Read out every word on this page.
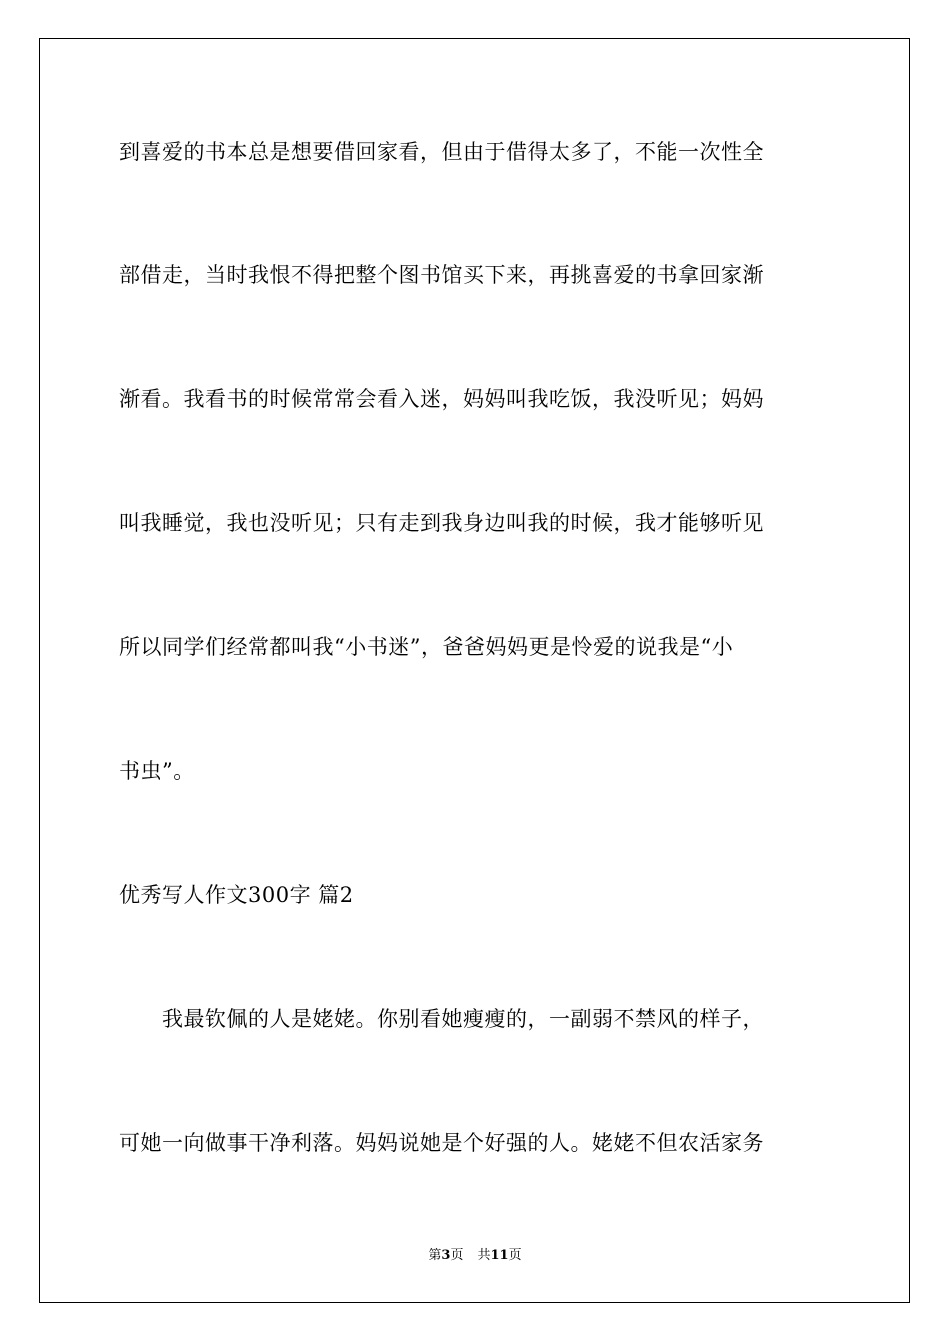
到喜爱的书本总是想要借回家看，但由于借得太多了，不能一次性全
部借走，当时我恨不得把整个图书馆买下来，再挑喜爱的书拿回家渐
渐看。我看书的时候常常会看入迷，妈妈叫我吃饭，我没听见；妈妈
叫我睡觉，我也没听见；只有走到我身边叫我的时候，我才能够听见
所以同学们经常都叫我“小书迷”，爸爸妈妈更是怜爱的说我是“小
书虫”。
优秀写人作文300字 篇2
　　我最钦佩的人是姥姥。你别看她瘦瘦的，一副弱不禁风的样子，
可她一向做事干净利落。妈妈说她是个好强的人。姥姥不但农活家务
第3页 共11页
